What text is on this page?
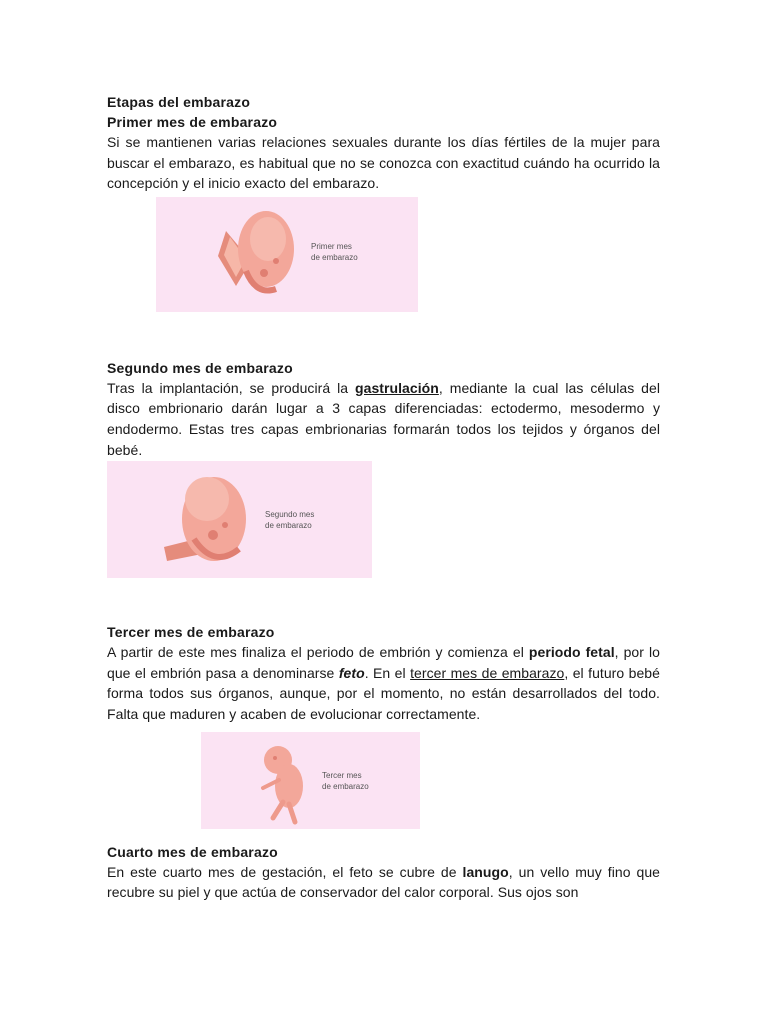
Etapas del embarazo
Primer mes de embarazo

Si se mantienen varias relaciones sexuales durante los días fértiles de la mujer para buscar el embarazo, es habitual que no se conozca con exactitud cuándo ha ocurrido la concepción y el inicio exacto del embarazo.

Primer mes
de embarazo
Segundo mes de embarazo

Tras la implantación, se producirá la gastrulación, mediante la cual las células del disco embrionario darán lugar a 3 capas diferenciadas: ectodermo, mesodermo y endodermo. Estas tres capas embrionarias formarán todos los tejidos y órganos del bebé.

Segundo mes
de embarazo
Tercer mes de embarazo

A partir de este mes finaliza el periodo de embrión y comienza el periodo fetal, por lo que el embrión pasa a denominarse feto. En el tercer mes de embarazo, el futuro bebé forma todos sus órganos, aunque, por el momento, no están desarrollados del todo. Falta que maduren y acaben de evolucionar correctamente.

Tercer mes
de embarazo
Cuarto mes de embarazo

En este cuarto mes de gestación, el feto se cubre de lanugo, un vello muy fino que recubre su piel y que actúa de conservador del calor corporal. Sus ojos son
